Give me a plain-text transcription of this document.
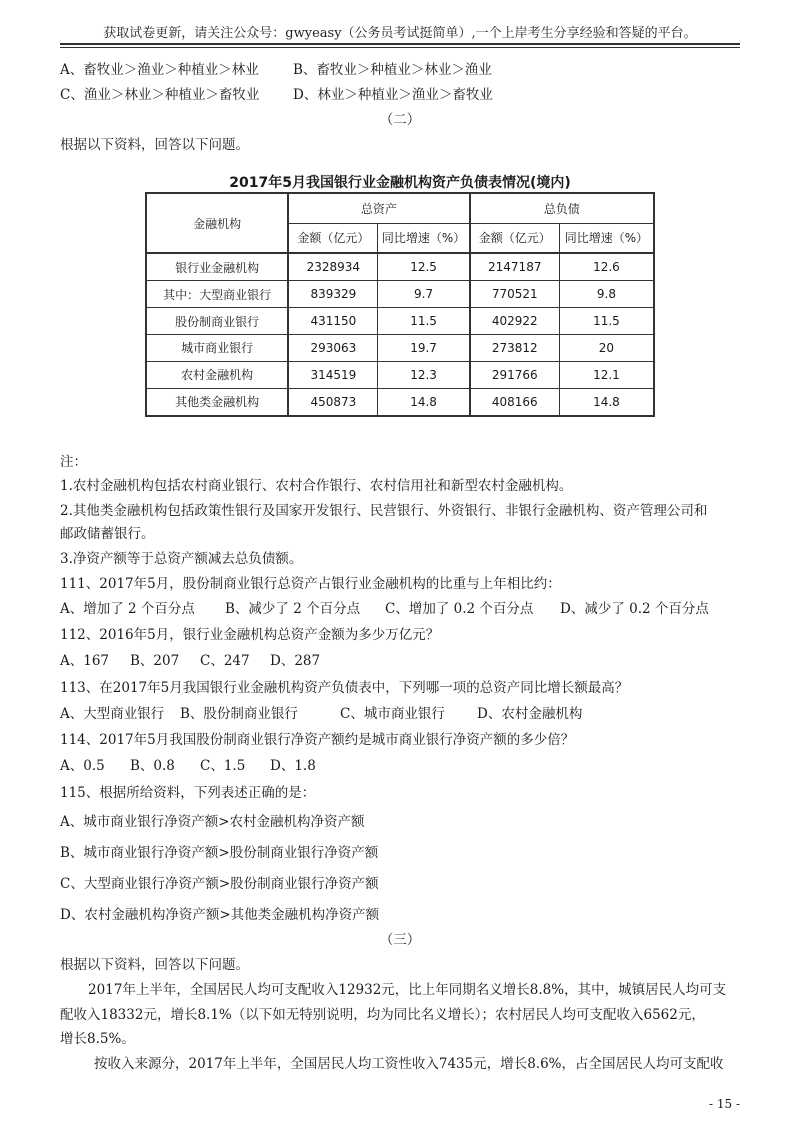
获取试卷更新，请关注公众号：gwyeasy（公务员考试挺简单）,一个上岸考生分享经验和答疑的平台。
A、畜牧业＞渔业＞种植业＞林业	B、畜牧业＞种植业＞林业＞渔业
C、渔业＞林业＞种植业＞畜牧业 D、林业＞种植业＞渔业＞畜牧业
（二）
根据以下资料，回答以下问题。
2017年5月我国银行业金融机构资产负债表情况(境内)
金融机构	总资产		总负债	
	金额（亿元）	同比增速（%）	金额（亿元）	同比增速（%）
银行业金融机构	2328934	12.5	2147187	12.6
其中：大型商业银行	839329	9.7	770521	9.8
股份制商业银行	431150	11.5	402922	11.5
城市商业银行	293063	19.7	273812	20
农村金融机构	314519	12.3	291766	12.1
其他类金融机构	450873	14.8	408166	14.8
注：
1.农村金融机构包括农村商业银行、农村合作银行、农村信用社和新型农村金融机构。
2.其他类金融机构包括政策性银行及国家开发银行、民营银行、外资银行、非银行金融机构、资产管理公司和
邮政储蓄银行。
3.净资产额等于总资产额减去总负债额。
111、2017年5月，股份制商业银行总资产占银行业金融机构的比重与上年相比约：
A、增加了 2 个百分点 B、减少了 2 个百分点 C、增加了 0.2 个百分点 D、减少了 0.2 个百分点
112、2016年5月，银行业金融机构总资产金额为多少万亿元？
A、167 B、207 C、247 D、287
113、在2017年5月我国银行业金融机构资产负债表中，下列哪一项的总资产同比增长额最高？
A、大型商业银行 B、股份制商业银行	C、城市商业银行 D、农村金融机构
114、2017年5月我国股份制商业银行净资产额约是城市商业银行净资产额的多少倍？
A、0.5 B、0.8 C、1.5 D、1.8
115、根据所给资料，下列表述正确的是：
A、城市商业银行净资产额>农村金融机构净资产额
B、城市商业银行净资产额>股份制商业银行净资产额
C、大型商业银行净资产额>股份制商业银行净资产额
D、农村金融机构净资产额>其他类金融机构净资产额
（三）
根据以下资料，回答以下问题。
2017年上半年，全国居民人均可支配收入12932元，比上年同期名义增长8.8%，其中，城镇居民人均可支
配收入18332元，增长8.1%（以下如无特别说明，均为同比名义增长）；农村居民人均可支配收入6562元，
增长8.5%。
按收入来源分，2017年上半年，全国居民人均工资性收入7435元，增长8.6%，占全国居民人均可支配收
- 15 -
